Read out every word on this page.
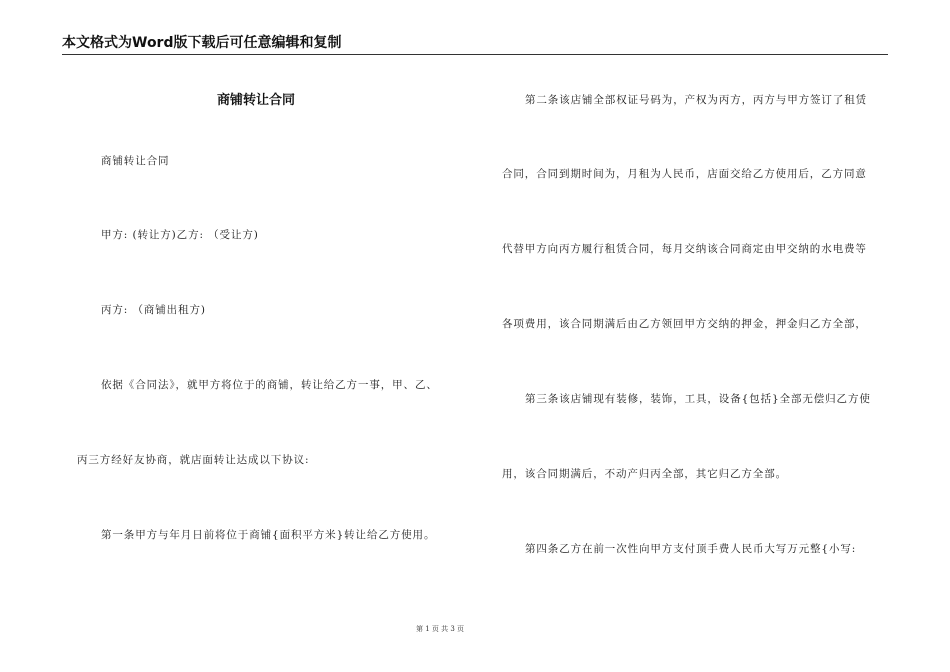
本文格式为Word版下载后可任意编辑和复制
商铺转让合同
商铺转让合同
甲方: (转让方)乙方: （受让方)
丙方: （商铺出租方)
依据《合同法》，就甲方将位于的商铺，转让给乙方一事，甲、乙、
丙三方经好友协商，就店面转让达成以下协议:
第一条甲方与年月日前将位于商铺{面积平方米}转让给乙方使用。
第二条该店铺全部权证号码为，产权为丙方，丙方与甲方签订了租赁
合同，合同到期时间为，月租为人民币，店面交给乙方使用后，乙方同意
代替甲方向丙方履行租赁合同，每月交纳该合同商定由甲交纳的水电费等
各项费用，该合同期满后由乙方领回甲方交纳的押金，押金归乙方全部，
第三条该店铺现有装修，装饰，工具，设备{包括}全部无偿归乙方使
用，该合同期满后，不动产归丙全部，其它归乙方全部。
第四条乙方在前一次性向甲方支付顶手费人民币大写万元整{小写:
第 1 页 共 3 页
